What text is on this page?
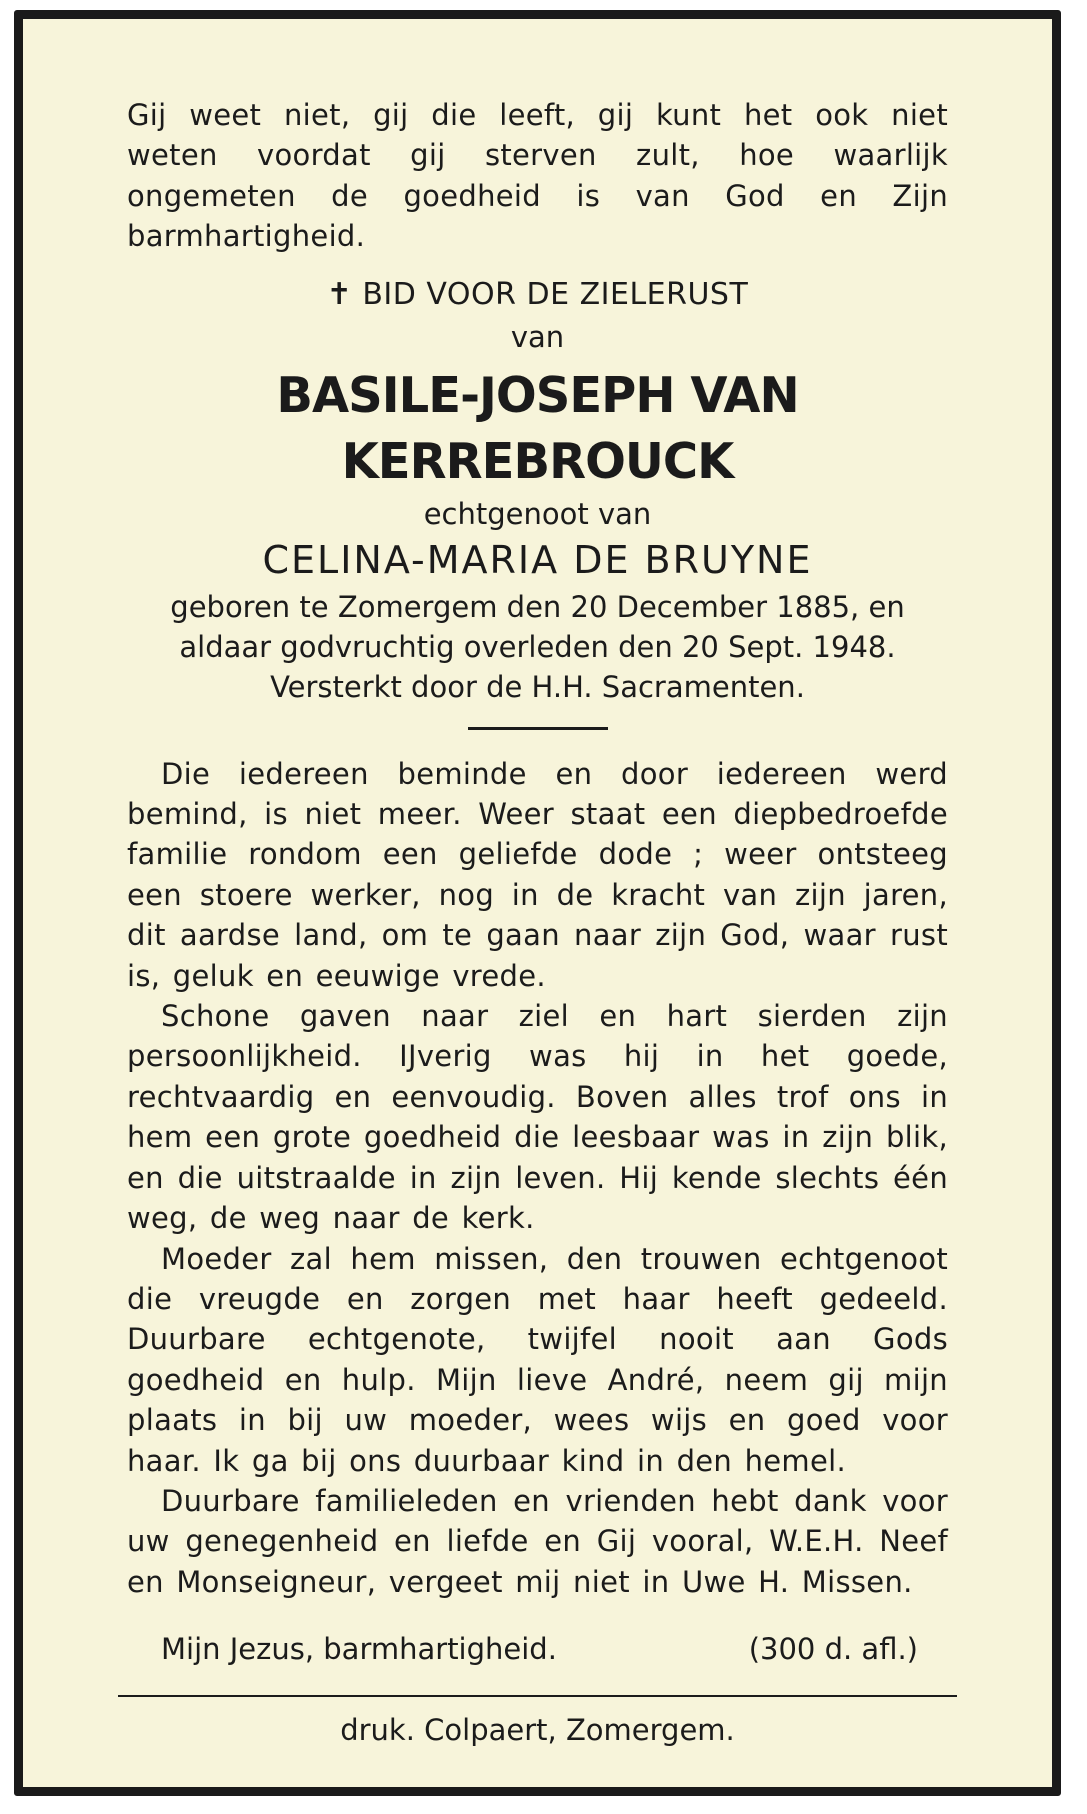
Gij weet niet, gij die leeft, gij kunt het ook niet weten voordat gij sterven zult, hoe waarlijk ongemeten de goedheid is van God en Zijn barmhartigheid.

✝ BID VOOR DE ZIELERUST
van
BASILE-JOSEPH VAN KERREBROUCK
echtgenoot van
CELINA-MARIA DE BRUYNE
geboren te Zomergem den 20 December 1885, en
aldaar godvruchtig overleden den 20 Sept. 1948.
Versterkt door de H.H. Sacramenten.

Die iedereen beminde en door iedereen werd bemind, is niet meer. Weer staat een diepbedroefde familie rondom een geliefde dode ; weer ontsteeg een stoere werker, nog in de kracht van zijn jaren, dit aardse land, om te gaan naar zijn God, waar rust is, geluk en eeuwige vrede.

Schone gaven naar ziel en hart sierden zijn persoonlijkheid. IJverig was hij in het goede, rechtvaardig en eenvoudig. Boven alles trof ons in hem een grote goedheid die leesbaar was in zijn blik, en die uitstraalde in zijn leven. Hij kende slechts één weg, de weg naar de kerk.

Moeder zal hem missen, den trouwen echtgenoot die vreugde en zorgen met haar heeft gedeeld. Duurbare echtgenote, twijfel nooit aan Gods goedheid en hulp. Mijn lieve André, neem gij mijn plaats in bij uw moeder, wees wijs en goed voor haar. Ik ga bij ons duurbaar kind in den hemel.

Duurbare familieleden en vrienden hebt dank voor uw genegenheid en liefde en Gij vooral, W.E.H. Neef en Monseigneur, vergeet mij niet in Uwe H. Missen.

Mijn Jezus, barmhartigheid.	(300 d. afl.)
druk. Colpaert, Zomergem.
